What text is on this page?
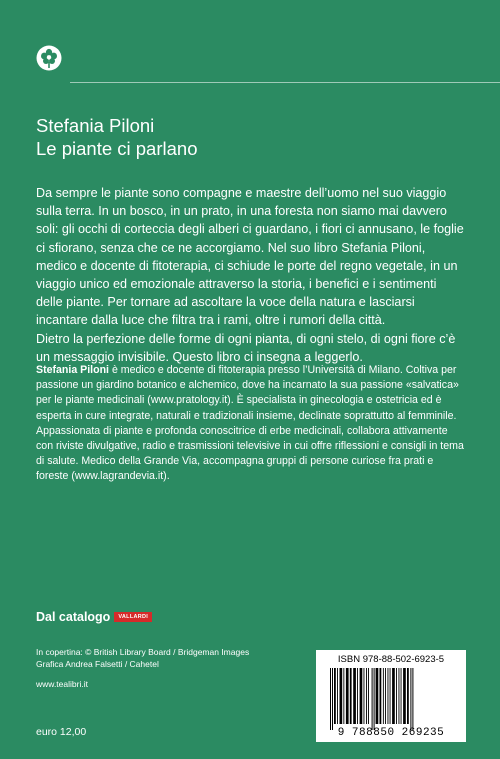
Stefania Piloni
Le piante ci parlano

Da sempre le piante sono compagne e maestre dell’uomo nel suo viaggio sulla terra. In un bosco, in un prato, in una foresta non siamo mai davvero soli: gli occhi di corteccia degli alberi ci guardano, i fiori ci annusano, le foglie ci sfiorano, senza che ce ne accorgiamo. Nel suo libro Stefania Piloni, medico e docente di fitoterapia, ci schiude le porte del regno vegetale, in un viaggio unico ed emozionale attraverso la storia, i benefici e i sentimenti delle piante. Per tornare ad ascoltare la voce della natura e lasciarsi incantare dalla luce che filtra tra i rami, oltre i rumori della città.

Dietro la perfezione delle forme di ogni pianta, di ogni stelo, di ogni fiore c’è un messaggio invisibile. Questo libro ci insegna a leggerlo.

Stefania Piloni è medico e docente di fitoterapia presso l’Università di Milano. Coltiva per passione un giardino botanico e alchemico, dove ha incarnato la sua passione «salvatica» per le piante medicinali (www.pratology.it). È specialista in ginecologia e ostetricia ed è esperta in cure integrate, naturali e tradizionali insieme, declinate soprattutto al femminile. Appassionata di piante e profonda conoscitrice di erbe medicinali, collabora attivamente con riviste divulgative, radio e trasmissioni televisive in cui offre riflessioni e consigli in tema di salute. Medico della Grande Via, accompagna gruppi di persone curiose fra prati e foreste (www.lagrandevia.it).
Dal catalogo	VALLARDI
In copertina: © British Library Board / Bridgeman Images
Grafica Andrea Falsetti / Cahetel
www.tealibri.it
euro 12,00
ISBN 978-88-502-6923-5
9 788850 269235
